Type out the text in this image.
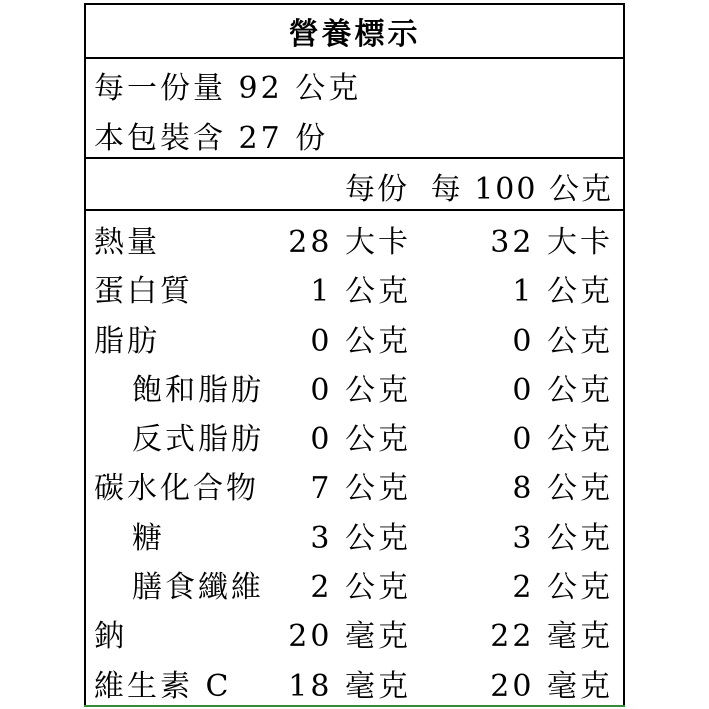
營養標示
每一份量 92 公克
本包裝含 27 份
每份 每 100 公克
熱量	28 大卡	32 大卡
蛋白質	1 公克	1 公克
脂肪	0 公克	0 公克
飽和脂肪 0 公克	0 公克
反式脂肪 0 公克	0 公克
碳水化合物 7 公克	8 公克
糖	3 公克	3 公克
膳食纖維 2 公克	2 公克
鈉	20 毫克	22 毫克
維生素 C 18 毫克	20 毫克
